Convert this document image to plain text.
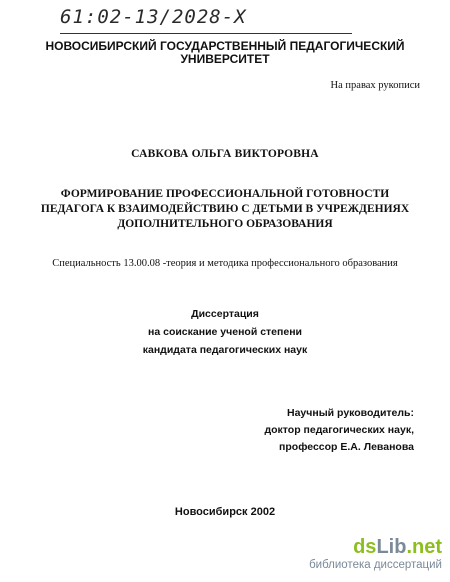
61:02-13/2028-X
НОВОСИБИРСКИЙ ГОСУДАРСТВЕННЫЙ ПЕДАГОГИЧЕСКИЙ
УНИВЕРСИТЕТ
На правах рукописи
САВКОВА ОЛЬГА ВИКТОРОВНА
ФОРМИРОВАНИЕ ПРОФЕССИОНАЛЬНОЙ ГОТОВНОСТИ
ПЕДАГОГА К ВЗАИМОДЕЙСТВИЮ С ДЕТЬМИ В УЧРЕЖДЕНИЯХ
ДОПОЛНИТЕЛЬНОГО ОБРАЗОВАНИЯ
Специальность 13.00.08 -теория и методика профессионального образования
Диссертация
на соискание ученой степени
кандидата педагогических наук
Научный руководитель:
доктор педагогических наук,
профессор Е.А. Леванова
Новосибирск 2002
dsLib.net
библиотека диссертаций
